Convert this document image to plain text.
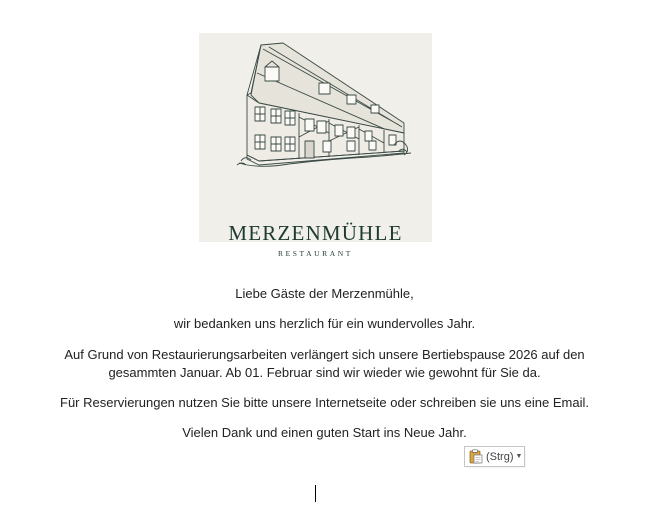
MERZENMÜHLE
RESTAURANT
Liebe Gäste der Merzenmühle,
wir bedanken uns herzlich für ein wundervolles Jahr.
Auf Grund von Restaurierungsarbeiten verlängert sich unsere Bertiebspause 2026 auf den
gesammten Januar. Ab 01. Februar sind wir wieder wie gewohnt für Sie da.
Für Reservierungen nutzen Sie bitte unsere Internetseite oder schreiben sie uns eine Email.
Vielen Dank und einen guten Start ins Neue Jahr.
(Strg) ▼
